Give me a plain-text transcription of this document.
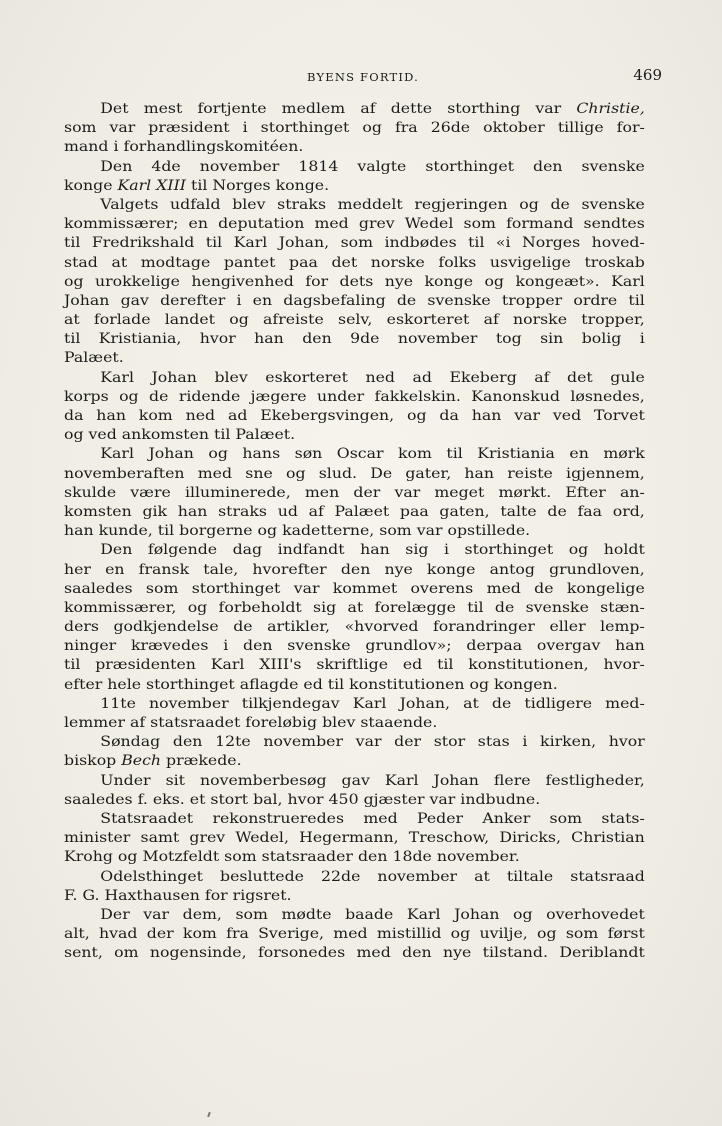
BYENS FORTID.	469
Det mest fortjente medlem af dette storthing var Christie,
som var præsident i storthinget og fra 26de oktober tillige for-
mand i forhandlingskomitéen.
Den 4de november 1814 valgte storthinget den svenske
konge Karl XIII til Norges konge.
Valgets udfald blev straks meddelt regjeringen og de svenske
kommissærer; en deputation med grev Wedel som formand sendtes
til Fredrikshald til Karl Johan, som indbødes til «i Norges hoved-
stad at modtage pantet paa det norske folks usvigelige troskab
og urokkelige hengivenhed for dets nye konge og kongeæt». Karl
Johan gav derefter i en dagsbefaling de svenske tropper ordre til
at forlade landet og afreiste selv, eskorteret af norske tropper,
til Kristiania, hvor han den 9de november tog sin bolig i
Palæet.
Karl Johan blev eskorteret ned ad Ekeberg af det gule
korps og de ridende jægere under fakkelskin. Kanonskud løsnedes,
da han kom ned ad Ekebergsvingen, og da han var ved Torvet
og ved ankomsten til Palæet.
Karl Johan og hans søn Oscar kom til Kristiania en mørk
novemberaften med sne og slud. De gater, han reiste igjennem,
skulde være illuminerede, men der var meget mørkt. Efter an-
komsten gik han straks ud af Palæet paa gaten, talte de faa ord,
han kunde, til borgerne og kadetterne, som var opstillede.
Den følgende dag indfandt han sig i storthinget og holdt
her en fransk tale, hvorefter den nye konge antog grundloven,
saaledes som storthinget var kommet overens med de kongelige
kommissærer, og forbeholdt sig at forelægge til de svenske stæn-
ders godkjendelse de artikler, «hvorved forandringer eller lemp-
ninger krævedes i den svenske grundlov»; derpaa overgav han
til præsidenten Karl XIII's skriftlige ed til konstitutionen, hvor-
efter hele storthinget aflagde ed til konstitutionen og kongen.
11te november tilkjendegav Karl Johan, at de tidligere med-
lemmer af statsraadet foreløbig blev staaende.
Søndag den 12te november var der stor stas i kirken, hvor
biskop Bech prækede.
Under sit novemberbesøg gav Karl Johan flere festligheder,
saaledes f. eks. et stort bal, hvor 450 gjæster var indbudne.
Statsraadet rekonstrueredes med Peder Anker som stats-
minister samt grev Wedel, Hegermann, Treschow, Diricks, Christian
Krohg og Motzfeldt som statsraader den 18de november.
Odelsthinget besluttede 22de november at tiltale statsraad
F. G. Haxthausen for rigsret.
Der var dem, som mødte baade Karl Johan og overhovedet
alt, hvad der kom fra Sverige, med mistillid og uvilje, og som først
sent, om nogensinde, forsonedes med den nye tilstand. Deriblandt
